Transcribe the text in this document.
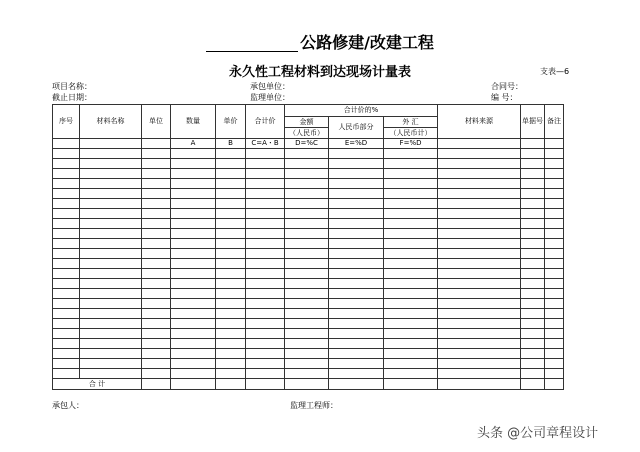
公路修建/改建工程
永久性工程材料到达现场计量表	支表—6
项目名称：	承包单位：	合同号：
截止日期：	监理单位：	编 号：
序号	材料名称	单位	数量	单价	合计价	合计价的%			材料来源	单据号	备注
						金额	人民币部分	外 汇			
						（人民币）		（人民币计）			
			A	B	C=A・B	D=%C	E=%D	F=%D			

合 计											
承包人：	监理工程师：
头条 @公司章程设计
